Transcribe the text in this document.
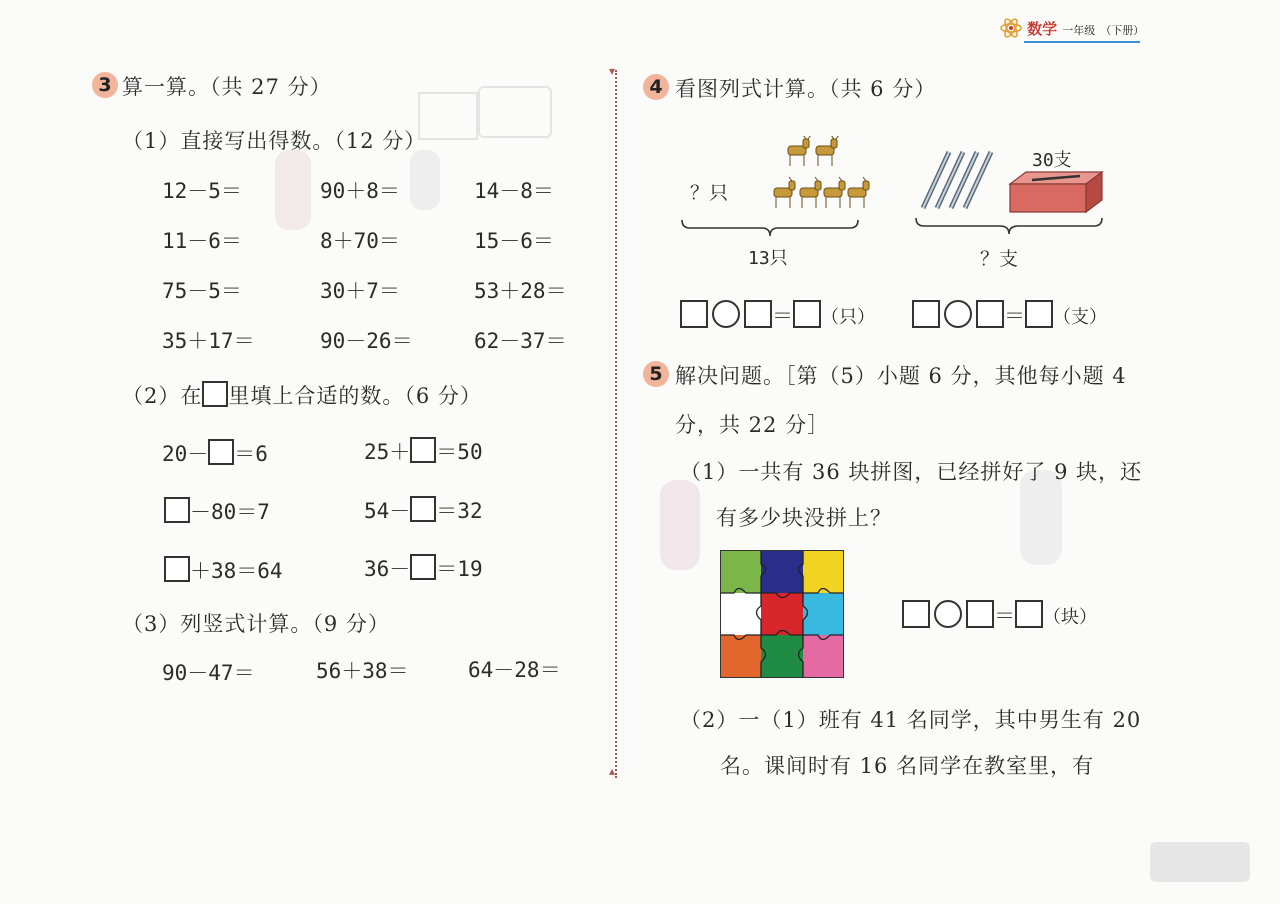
数学 一年级 （下册）
▾
▴
3 算一算。（共 27 分）
（1）直接写出得数。（12 分）
12－5＝	90＋8＝	14－8＝
11－6＝	8＋70＝	15－6＝
75－5＝	30＋7＝	53＋28＝
35＋17＝	90－26＝	62－37＝
（2）在 里填上合适的数。（6 分）
20－ ＝6	25＋ ＝50
－80＝7	54－ ＝32
＋38＝64	36－ ＝19
（3）列竖式计算。（9 分）
90－47＝	56＋38＝	64－28＝
4 看图列式计算。（共 6 分）
？只
13只
30支
？支
＝ （只）	＝ （支）
5 解决问题。［第（5）小题 6 分，其他每小题 4
分，共 22 分］
（1）一共有 36 块拼图，已经拼好了 9 块，还
有多少块没拼上？
＝ （块）
（2）一（1）班有 41 名同学，其中男生有 20
名。课间时有 16 名同学在教室里，有
